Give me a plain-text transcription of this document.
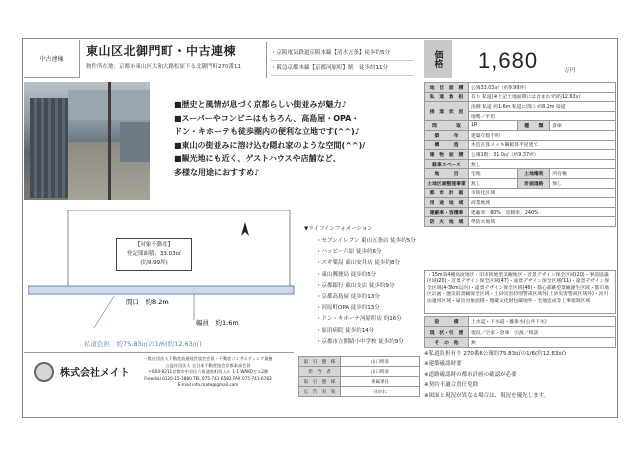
中古連棟
東山区北御門町・中古連棟
物件所在地：京都市東山区大和大路松原下る北御門町270番11
・京阪電気鉄道京阪本線【清水五条】徒歩約5分
・阪急京都本線【京都河原町】駅　徒歩約11分	価格	1,680	万円
■歴史と風情が息づく京都らしい街並みが魅力♪
■スーパーやコンビニはもちろん、高島屋・OPA・
ドン・キホーテも徒歩圏内の便利な立地です(^^)♪
■東山の街並みに溶け込む隠れ家のような空間(^^)/
■観光地にも近く、ゲストハウスや店舗など、
多様な用途におすすめ♪
間口　約8.2m
幅員　約1.6m
私道負担　約75.83㎡の1/6(約12.63㎡)
【対象不動産】
登記簿面積：33.03㎡
(約9.99坪)
▼ライフインフォメーション
・セブンイレブン 東山五条店 徒歩約5分
・ハッピー六原 徒歩約6分
・スギ薬局 東山安井店 徒歩約8分
・東山郵便局 徒歩約5分
・京都銀行 東山支店 徒歩約9分
・京都高島屋 徒歩約13分
・河原町OPA 徒歩約13分
・ドン・キホーテ河原町店 約16分
・原田病院 徒歩約14分
・京都市立開睛小中学校 徒歩約9分
地　目　面　積	公簿33.03㎡（約9.99坪）		
私　道　負　担	有り 私道(※上記土地面積には含まれず)約12.63㎡		
接　道　状　況	南側 私道 約1.6m 私道に間口 約8.2m 接道		
	地勢／平坦		
間　　　　取	1R	種　　類	倉庫
築　　　年	建築年数不明		
構　　　造	木造瓦葺メッキ鋼板葺平屋建て		
建　物　面　積	公簿1階：31.0㎡（約9.37坪）		
駐車スペース	無し		
地　　　目	宅地	土地権利	所有権
土地区画整理事業	無し	計画道路	無し
都　市　計　画	市街化区域		
用　途　地　域	商業地域		
建蔽率・容積率	建蔽率：80%　容積率：240%		
防　火　地　域	準防火地域		
・15m第4種高度地区・旧市街地型美観地区・近景デザイン保全区域(20)・事前協議区域(20)・近景デザイン保全区域(47)・遠景デザイン保全区域(11)・遠景デザイン保全区域(4-3km以内)・遠景デザイン保全区域(46)・都心部眺望景観創生区域・都市地区計画・歴史的景観保全区域・土砂災害特別警戒区域外(土砂災害警戒区域外)・河川法適用区域・届出対象面積・埋蔵文化財包蔵地外・宅地造成等工事規制区域
設　　　備	上水道・下水道・雑排水(公共下水)
現　状・引　渡	現況／空家・倉庫　引渡／相談
そ　の　他	無
※私道負担有り 270番6公簿約75.83㎡の1/6(約12.63㎡)
※建築確認時要
※道路確認時の都市計画の確認が必要
※契約不適合責任免除
※図面と現況が異なる場合は、現況を優先します。
株式会社メイト
一般社団法人不動産流通経営協会会員・不動産コンサルティング業務
公益社団法人 全日本不動産協会京都本部会員
〒604-8211京都市中京区六角通室町西入ル 1-1 WAKOビル2階
Freedial 0120-15-1880 TEL 075-741-6583 FAX 075-741-6783
E-mail info.mate@gmail.com
取　引　態　様	山口明彦
担　当　者	山口明彦
取　引　態　様	専属専任
広　告　有　効	分かれ
